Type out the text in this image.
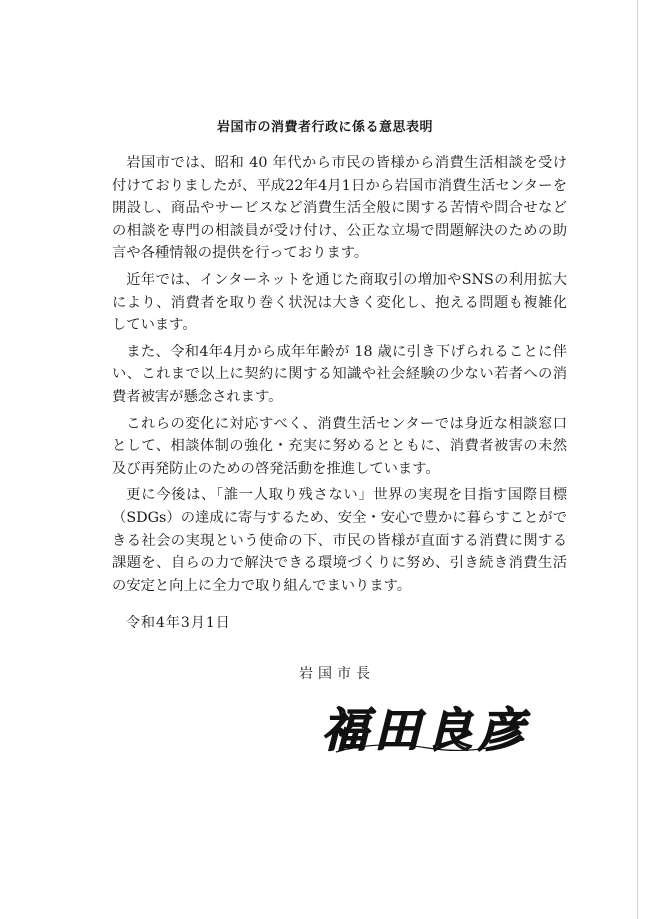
岩国市の消費者行政に係る意思表明

岩国市では、昭和 40 年代から市民の皆様から消費生活相談を受け付けておりましたが、平成22年4月1日から岩国市消費生活センターを開設し、商品やサービスなど消費生活全般に関する苦情や問合せなどの相談を専門の相談員が受け付け、公正な立場で問題解決のための助言や各種情報の提供を行っております。

近年では、インターネットを通じた商取引の増加やSNSの利用拡大により、消費者を取り巻く状況は大きく変化し、抱える問題も複雑化しています。

また、令和4年4月から成年年齢が 18 歳に引き下げられることに伴い、これまで以上に契約に関する知識や社会経験の少ない若者への消費者被害が懸念されます。

これらの変化に対応すべく、消費生活センターでは身近な相談窓口として、相談体制の強化・充実に努めるとともに、消費者被害の未然及び再発防止のための啓発活動を推進しています。

更に今後は、「誰一人取り残さない」世界の実現を目指す国際目標（SDGs）の達成に寄与するため、安全・安心で豊かに暮らすことができる社会の実現という使命の下、市民の皆様が直面する消費に関する課題を、自らの力で解決できる環境づくりに努め、引き続き消費生活の安定と向上に全力で取り組んでまいります。

令和4年3月1日
岩国市長
福田良彦
